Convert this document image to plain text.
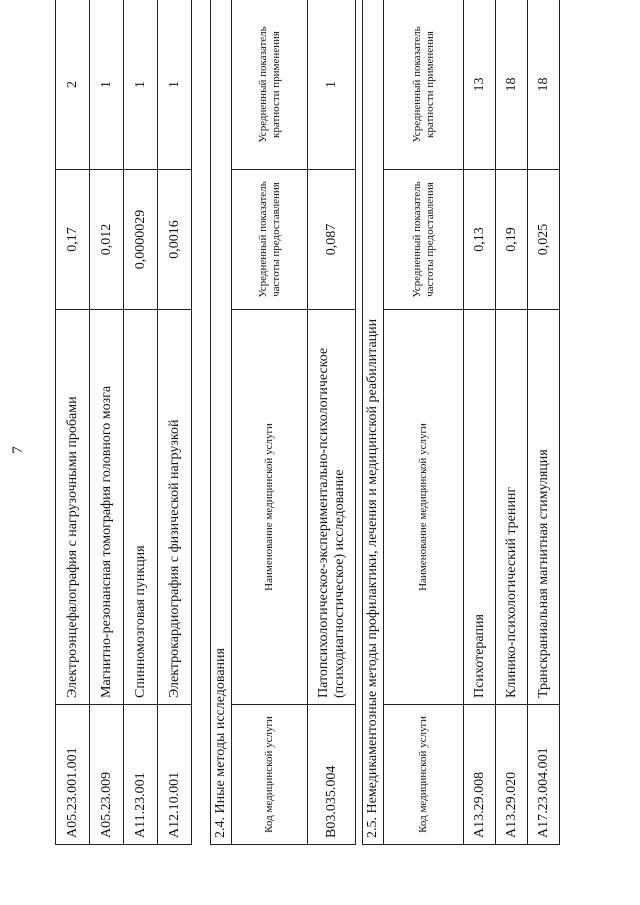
7
А05.23.001.001	Электроэнцефалография с нагрузочными пробами	0,17	2
А05.23.009	Магнитно-резонансная томография головного мозга	0,012	1
А11.23.001	Спинномозговая пункция	0,0000029	1
А12.10.001	Электрокардиография с физической нагрузкой	0,0016	1
2.4. Иные методы исследования			
Код медицинской услуги	Наименование медицинской услуги	Усредненный показатель частоты предоставления	Усредненный показатель кратности применения
В03.035.004	Патопсихологическое-экспериментально-психологическое (психодиагностическое) исследование	0,087	1
2.5. Немедикаментозные методы профилактики, лечения и медицинской реабилитации			
Код медицинской услуги	Наименование медицинской услуги	Усредненный показатель частоты предоставления	Усредненный показатель кратности применения
А13.29.008	Психотерапия	0,13	13
А13.29.020	Клинико-психологический тренинг	0,19	18
А17.23.004.001	Транскраниальная магнитная стимуляция	0,025	18
